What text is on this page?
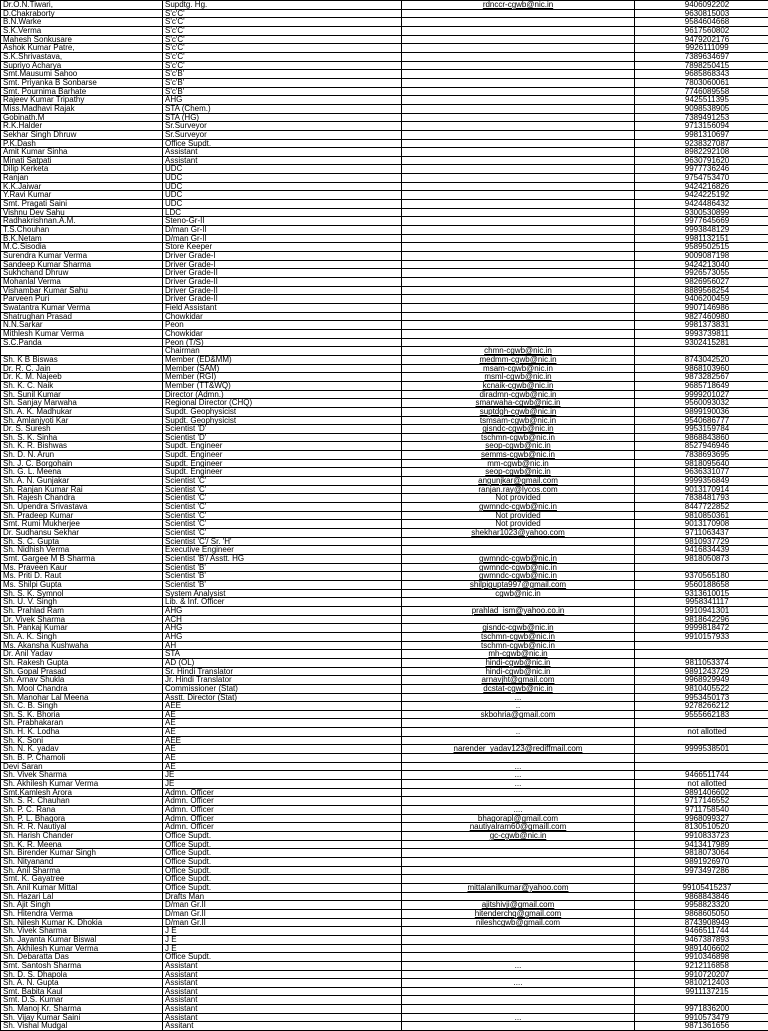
Dr.O.N.Tiwari,	Supdtg. Hg.	rdnccr-cgwb@nic.in	9406092202
D.Chakraborty	S'c'C'		9630815003
B.N.Warke	S'c'C'		9584604668
S.K.Verma	S'c'C'		9617560802
Mahesh Sonkusare	S'c'C'		9479202176
Ashok Kumar Patre,	S'c'C'		9926111099
S.K.Shrivastava,	S'c'C'		7389634697
Supriyo Acharya	S'c'C'		7898250415
Smt.Mausumi Sahoo	S'c'B'		9685868343
Smt. Priyanka B Sonbarse	S'c'B'		7803060061
Smt. Pournima Barhate	S'c'B'		7746089558
Rajeev Kumar Tripathy	AHG		9425511395
Miss.Madhavi Rajak	STA (Chem.)		9098538905
Gobinath.M	STA (HG)		7389491253
R.K.Halder	Sr.Surveyor		9713156094
Sekhar Singh Dhruw	Sr.Surveyor		9981310697
P.K.Dash	Office Supdt.		9238327087
Amit Kumar Sinha	Assistant		8982292108
Minati Satpati	Assistant		9630791620
Dilip Kerketa	UDC		9977736246
Ranjan	UDC		9754753470
K.K.Jaiwar	UDC		9424216826
Y.Ravi Kumar	UDC		9424225192
Smt. Pragati Saini	UDC		9424486432
Vishnu Dev Sahu	LDC		9300530899
Radhakrishnan.A.M.	Steno-Gr-II		9977645669
T.S.Chouhan	D/man Gr-II		9993848129
B.K.Netam	D/man Gr-II		9981132151
M.C.Sisodia	Store Keeper		9589502515
Surendra Kumar Verma	Driver Grade-I		9009087198
Sandeep Kumar Sharma	Driver Grade-I		9424213040
Sukhchand Dhruw	Driver Grade-II		9926573055
Mohanlal Verma	Driver Grade-II		9826956027
Vishambar Kumar Sahu	Driver Grade-II		8889568254
Parveen Puri	Driver Grade-II		9406200459
Swatantra Kumar Verma	Field Assistant		9907146986
Shatrughan Prasad	Chowkidar		9827460980
N.N.Sarkar	Peon		9981373831
Mithlesh Kumar Verma	Chowkidar		9993739811
S.C.Panda	Peon (T/S)		9302415281
	Chairman	chmn-cgwb@nic.in	
Sh. K B Biswas	Member (ED&MM)	medmm-cgwb@nic.in	8743042520
Dr. R. C. Jain	Member (SAM)	msam-cgwb@nic.in	9868103960
Dr. K. M. Najeeb	Member (RGI)	msml-cgwb@nic.in	9873282567
Sh. K. C. Naik	Member (TT&WQ)	kcnaik-cgwb@nic.in	9685718649
Sh. Sunil Kumar	Director (Admn.)	diradmn-cgwb@nic.in	9999201027
Sh. Sanjay Marwaha	Regional Director (CHQ)	smarwaha-cgwb@nic.in	9560093032
Sh. A. K. Madhukar	Supdt. Geophysicist	suptdgh-cgwb@nic.in	9899190036
Sh. Amlanjyoti Kar	Supdt. Geophysicist	tsmsam-cgwb@nic.in	9540686777
Dr. S. Suresh	Scientist 'D'	gisndc-cgwb@nic.in	9953159784
Sh. S. K. Sinha	Scientist 'D'	tschmn-cgwb@nic.in	9868843860
Sh. K. R. Bishwas	Supdt. Engineer	seop-cgwb@nic.in	8527946946
Sh. D. N. Arun	Supdt. Engineer	semms-cgwb@nic.in	7838693695
Sh. J. C. Borgohain	Supdt. Engineer	mm-cgwb@nic.in	9818095640
Sh. G. L. Meena	Supdt. Engineer	seop-cgwb@nic.in	9636331077
Sh. A. N. Gunjakar	Scientist 'C'	angunjkar@gmail.com	9999356849
Sh. Ranjan Kumar Rai	Scientist 'C'	ranjan.ray@lycos.com	9013170914
Sh. Rajesh Chandra	Scientist 'C'	Not provided	7838481793
Sh. Upendra Srivastava	Scientist 'C'	gwmndc-cgwb@nic.in	8447722852
Sh. Pradeep Kumar	Scientist 'C'	Not provided	9810850361
Smt. Rumi Mukherjee	Scientist 'C'	Not provided	9013170908
Dr. Sudhansu Sekhar	Scientist 'C'	shekhar1023@yahoo.com	9711063437
Sh. S. C. Gupta	Scientist 'C'/ Sr. 'H'		9810937729
Sh. Nidhish Verma	Executive Engineer		9416834439
Smt. Gargee M B Sharma	Scientist 'B'/ Asstt. HG	gwmndc-cgwb@nic.in	9818050873
Ms. Praveen Kaur	Scientist 'B'	gwmndc-cgwb@nic.in	
Ms. Priti D. Raut	Scientist 'B'	gwmndc-cgwb@nic.in	9370565180
Ms. Shilpi Gupta	Scientist 'B'	shilpigupta997@gmail.com	9560188658
Sh. S. K. Symnol	System Analysist	cgwb@nic.in	9313610015
Sh. U. V. Singh	Lib. & Inf. Officer		9958341117
Sh. Prahlad Ram	AHG	prahlad_ism@yahoo.co.in	9910941301
Dr. Vivek Sharma	ACH		9818642296
Sh. Pankaj Kumar	AHG	gisndc-cgwb@nic.in	9999818472
Sh. A. K. Singh	AHG	tschmn-cgwb@nic.in	9910157933
Ms. Akansha Kushwaha	AH	tschmn-cgwb@nic.in	
Dr. Anil Yadav	STA	mh-cgwb@nic.in	
Sh. Rakesh Gupta	AD (OL)	hindi-cgwb@nic.in	9811053374
Sh. Gopal Prasad	Sr. Hindi Translator	hindi-cgwb@nic.in	9891243729
Sh. Arnav Shukla	Jr. Hindi Translator	arnavjht@gmail.com	9968929949
Sh. Mool Chandra	Commissioner (Stat)	dcstat-cgwb@nic.in	9810405522
Sh. Manohar Lal Meena	Asstt. Director (Stat)	...	9953450173
Sh. C. B. Singh	AEE	..	9278266212
Sh. S. K. Bhoria	AE	skbohria@gmail.com	9555662183
Sh. Prabhakaran	AE		
Sh. H. K. Lodha	AE	..	not allotted
Sh. K. Soni	AEE		
Sh. N. K. yadav	AE	narender_yadav123@rediffmail.com	9999538501
Sh. B. P. Chamoli	AE		
Devi Saran	AE	...	
Sh. Vivek Sharma	JE	...	9466511744
Sh. Akhilesh Kumar Verma	JE	...	not allotted
Smt.Kamlesh Arora	Admn. Officer		9891406602
Sh. S. R. Chauhan	Admn. Officer		9717146552
Sh. P. C. Rana	Admn. Officer	....	9711758540
Sh. P. L. Bhagora	Admn. Officer	bhagorapl@gmail.com	9968099327
Sh. R. R. Nautiyal	Admn. Officer	nautiyalram60@gmaill.com	8130510520
Sh. Harish Chander	Office Supdt.	gc-cgwb@nic.in	9910833723
Sh. K. R. Meena	Office Supdt.		9413417989
Sh. Birender Kumar Singh	Office Supdt.		9818073064
Sh. Nityanand	Office Supdt.		9891926970
Sh. Anil Sharma	Office Supdt.		9973497286
Smt. K. Gayatree	Office Supdt.		
Sh. Anil Kumar Mittal	Office Supdt.	mittalanilkumar@yahoo.com	99105415237
Sh. Hazari Lal	Drafts Man		9868843846
Sh. Ajit Singh	D/man Gr.II	ajitshivji@gmail.com	9958823320
Sh. Hitendra Verma	D/man Gr.II	hitenderchq@gmail.com	9868605050
Sh. Nilesh Kumar K. Dhokia	D/man Gr.II	nileshcgwb@gmail.com	8743908949
Sh. Vivek Sharma	J E		9466511744
Sh. Jayanta Kumar Biswal	J E		9467387893
Sh. Akhilesh Kumar Verma	J E		9891406602
Sh. Debaratta Das	Office Supdt.		9910346898
Smt. Santosh Sharma	Assistant	...	9212116858
Sh. D. S. Dhapola	Assistant		9910720207
Sh. A. N. Gupta	Assistant	....	9810212403
Smt. Babita Kaul	Assistant		9911137215
Smt. D.S. Kumar	Assistant		
Sh. Manoj Kr. Sharma	Assistant		9971836200
Sh. Vijay Kumar Saini	Assistant	...	9910573479
Sh. Vishal Mudgal	Assitant		9871361656
